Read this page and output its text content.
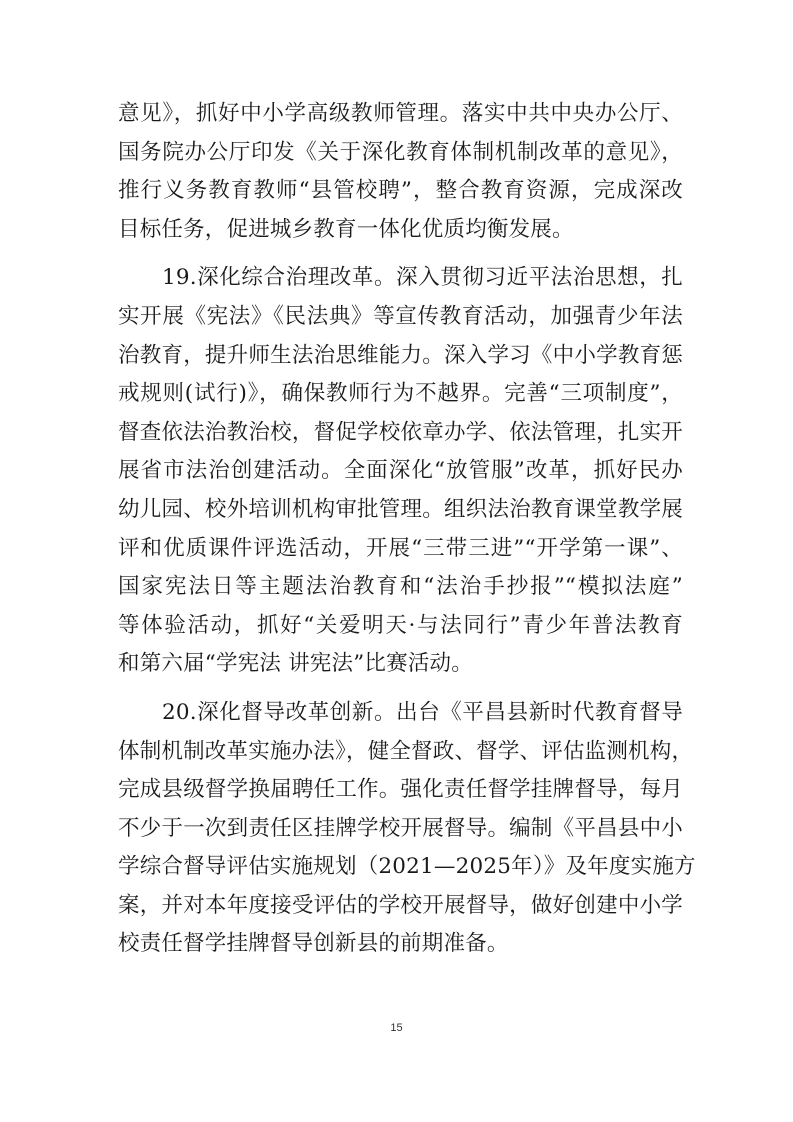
意见》，抓好中小学高级教师管理。落实中共中央办公厅、
国务院办公厅印发《关于深化教育体制机制改革的意见》，
推行义务教育教师“县管校聘”，整合教育资源，完成深改
目标任务，促进城乡教育一体化优质均衡发展。
19.深化综合治理改革。深入贯彻习近平法治思想，扎
实开展《宪法》《民法典》等宣传教育活动，加强青少年法
治教育，提升师生法治思维能力。深入学习《中小学教育惩
戒规则(试行)》，确保教师行为不越界。完善“三项制度”，
督查依法治教治校，督促学校依章办学、依法管理，扎实开
展省市法治创建活动。全面深化“放管服”改革，抓好民办
幼儿园、校外培训机构审批管理。组织法治教育课堂教学展
评和优质课件评选活动，开展“三带三进”“开学第一课”、
国家宪法日等主题法治教育和“法治手抄报”“模拟法庭”
等体验活动，抓好“关爱明天·与法同行”青少年普法教育
和第六届“学宪法 讲宪法”比赛活动。
20.深化督导改革创新。出台《平昌县新时代教育督导
体制机制改革实施办法》，健全督政、督学、评估监测机构，
完成县级督学换届聘任工作。强化责任督学挂牌督导，每月
不少于一次到责任区挂牌学校开展督导。编制《平昌县中小
学综合督导评估实施规划（2021—2025年）》及年度实施方
案，并对本年度接受评估的学校开展督导，做好创建中小学
校责任督学挂牌督导创新县的前期准备。
15
